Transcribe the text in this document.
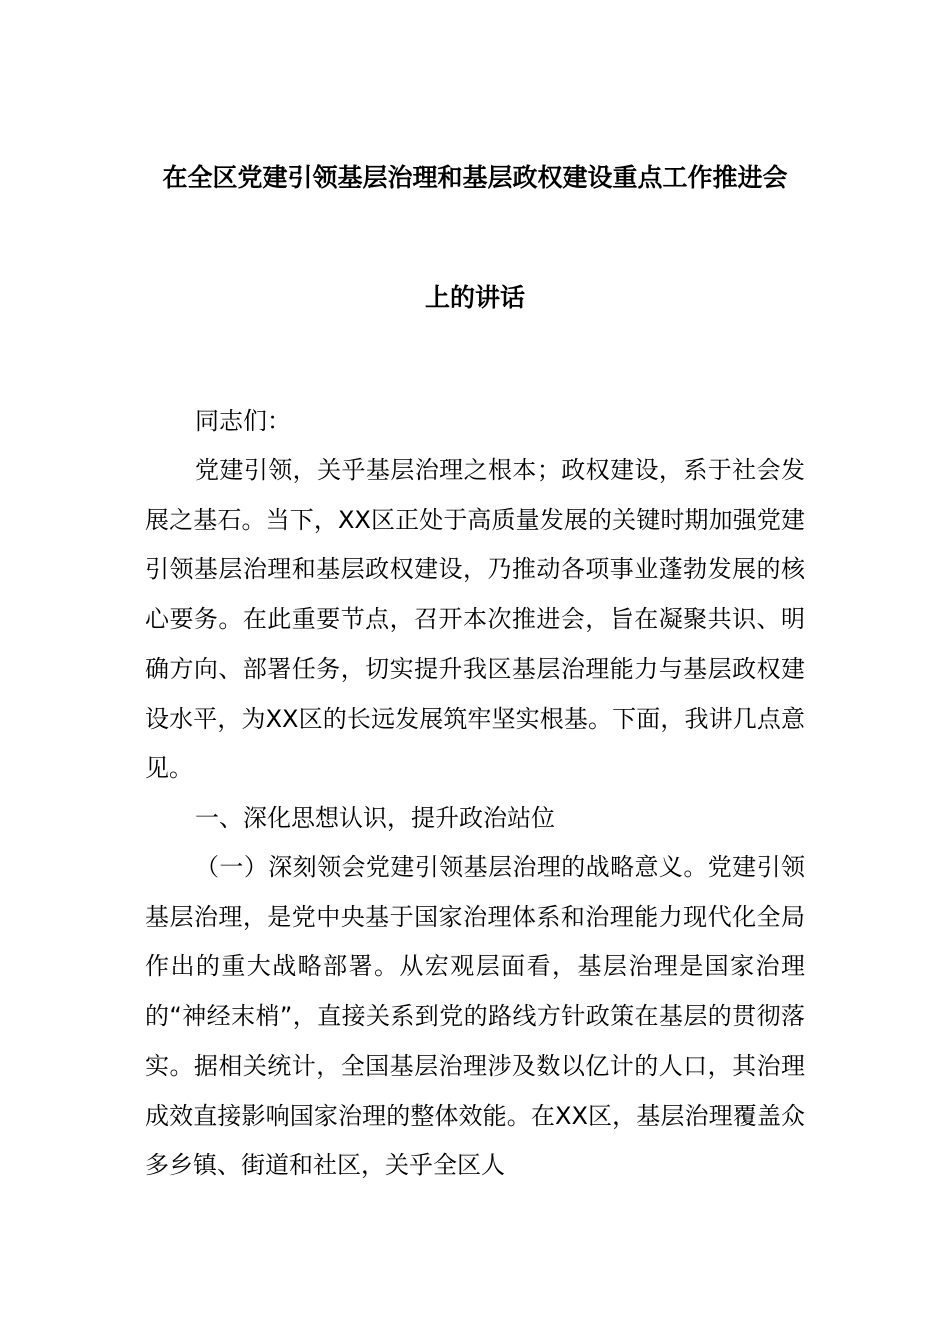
在全区党建引领基层治理和基层政权建设重点工作推进会
上的讲话
同志们：
党建引领，关乎基层治理之根本；政权建设，系于社会发展之基石。当下，XX区正处于高质量发展的关键时期加强党建引领基层治理和基层政权建设，乃推动各项事业蓬勃发展的核心要务。在此重要节点，召开本次推进会，旨在凝聚共识、明确方向、部署任务，切实提升我区基层治理能力与基层政权建设水平，为XX区的长远发展筑牢坚实根基。下面，我讲几点意见。
一、深化思想认识，提升政治站位
（一）深刻领会党建引领基层治理的战略意义。党建引领基层治理，是党中央基于国家治理体系和治理能力现代化全局作出的重大战略部署。从宏观层面看，基层治理是国家治理的“神经末梢”，直接关系到党的路线方针政策在基层的贯彻落实。据相关统计，全国基层治理涉及数以亿计的人口，其治理成效直接影响国家治理的整体效能。在XX区，基层治理覆盖众多乡镇、街道和社区，关乎全区人
